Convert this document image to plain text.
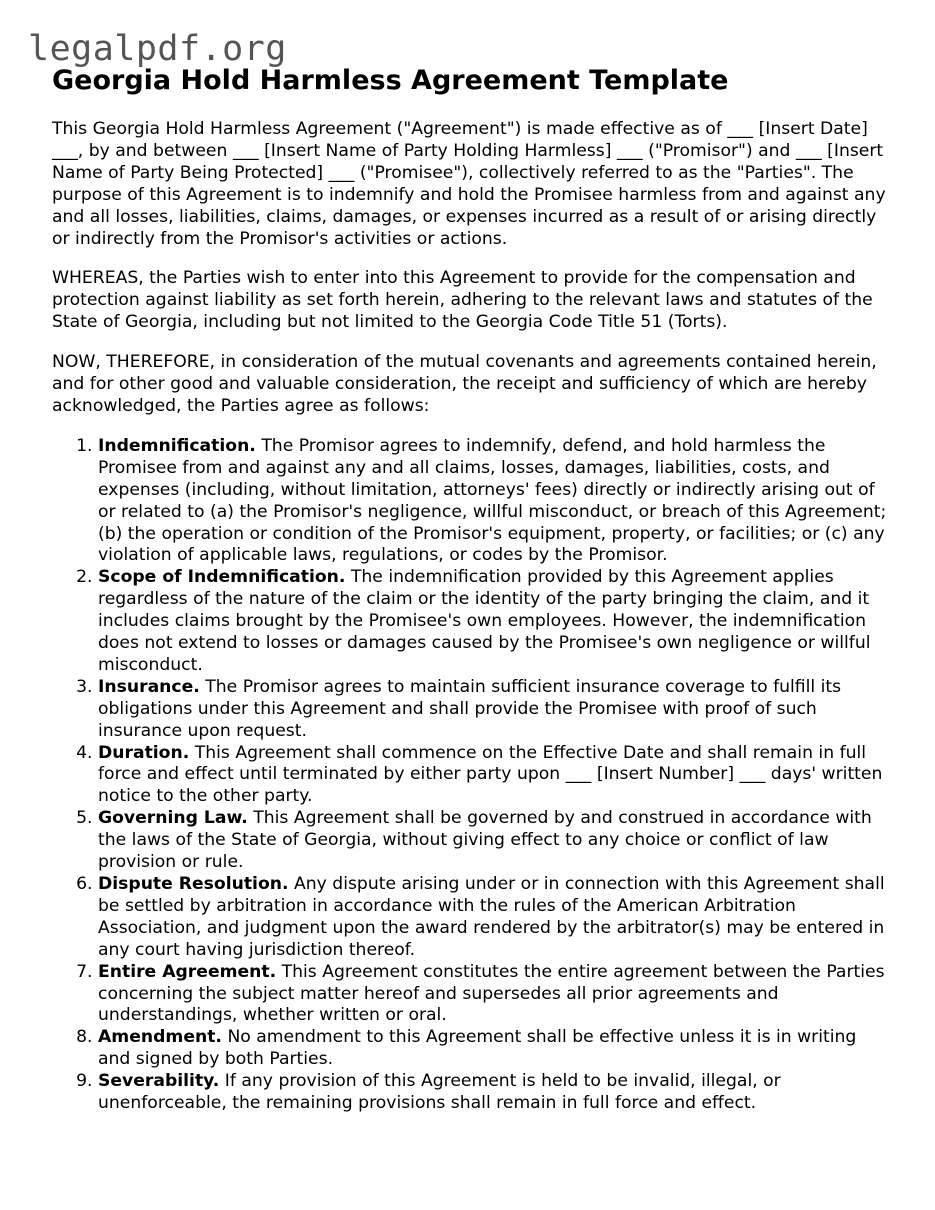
legalpdf.org
Georgia Hold Harmless Agreement Template

This Georgia Hold Harmless Agreement ("Agreement") is made effective as of ___ [Insert Date] ___, by and between ___ [Insert Name of Party Holding Harmless] ___ ("Promisor") and ___ [Insert Name of Party Being Protected] ___ ("Promisee"), collectively referred to as the "Parties". The purpose of this Agreement is to indemnify and hold the Promisee harmless from and against any and all losses, liabilities, claims, damages, or expenses incurred as a result of or arising directly or indirectly from the Promisor's activities or actions.

WHEREAS, the Parties wish to enter into this Agreement to provide for the compensation and protection against liability as set forth herein, adhering to the relevant laws and statutes of the State of Georgia, including but not limited to the Georgia Code Title 51 (Torts).

NOW, THEREFORE, in consideration of the mutual covenants and agreements contained herein, and for other good and valuable consideration, the receipt and sufficiency of which are hereby acknowledged, the Parties agree as follows:

1. Indemnification. The Promisor agrees to indemnify, defend, and hold harmless the Promisee from and against any and all claims, losses, damages, liabilities, costs, and expenses (including, without limitation, attorneys' fees) directly or indirectly arising out of or related to (a) the Promisor's negligence, willful misconduct, or breach of this Agreement; (b) the operation or condition of the Promisor's equipment, property, or facilities; or (c) any violation of applicable laws, regulations, or codes by the Promisor.
2. Scope of Indemnification. The indemnification provided by this Agreement applies regardless of the nature of the claim or the identity of the party bringing the claim, and it includes claims brought by the Promisee's own employees. However, the indemnification does not extend to losses or damages caused by the Promisee's own negligence or willful misconduct.
3. Insurance. The Promisor agrees to maintain sufficient insurance coverage to fulfill its obligations under this Agreement and shall provide the Promisee with proof of such insurance upon request.
4. Duration. This Agreement shall commence on the Effective Date and shall remain in full force and effect until terminated by either party upon ___ [Insert Number] ___ days' written notice to the other party.
5. Governing Law. This Agreement shall be governed by and construed in accordance with the laws of the State of Georgia, without giving effect to any choice or conflict of law provision or rule.
6. Dispute Resolution. Any dispute arising under or in connection with this Agreement shall be settled by arbitration in accordance with the rules of the American Arbitration Association, and judgment upon the award rendered by the arbitrator(s) may be entered in any court having jurisdiction thereof.
7. Entire Agreement. This Agreement constitutes the entire agreement between the Parties concerning the subject matter hereof and supersedes all prior agreements and understandings, whether written or oral.
8. Amendment. No amendment to this Agreement shall be effective unless it is in writing and signed by both Parties.
9. Severability. If any provision of this Agreement is held to be invalid, illegal, or unenforceable, the remaining provisions shall remain in full force and effect.
